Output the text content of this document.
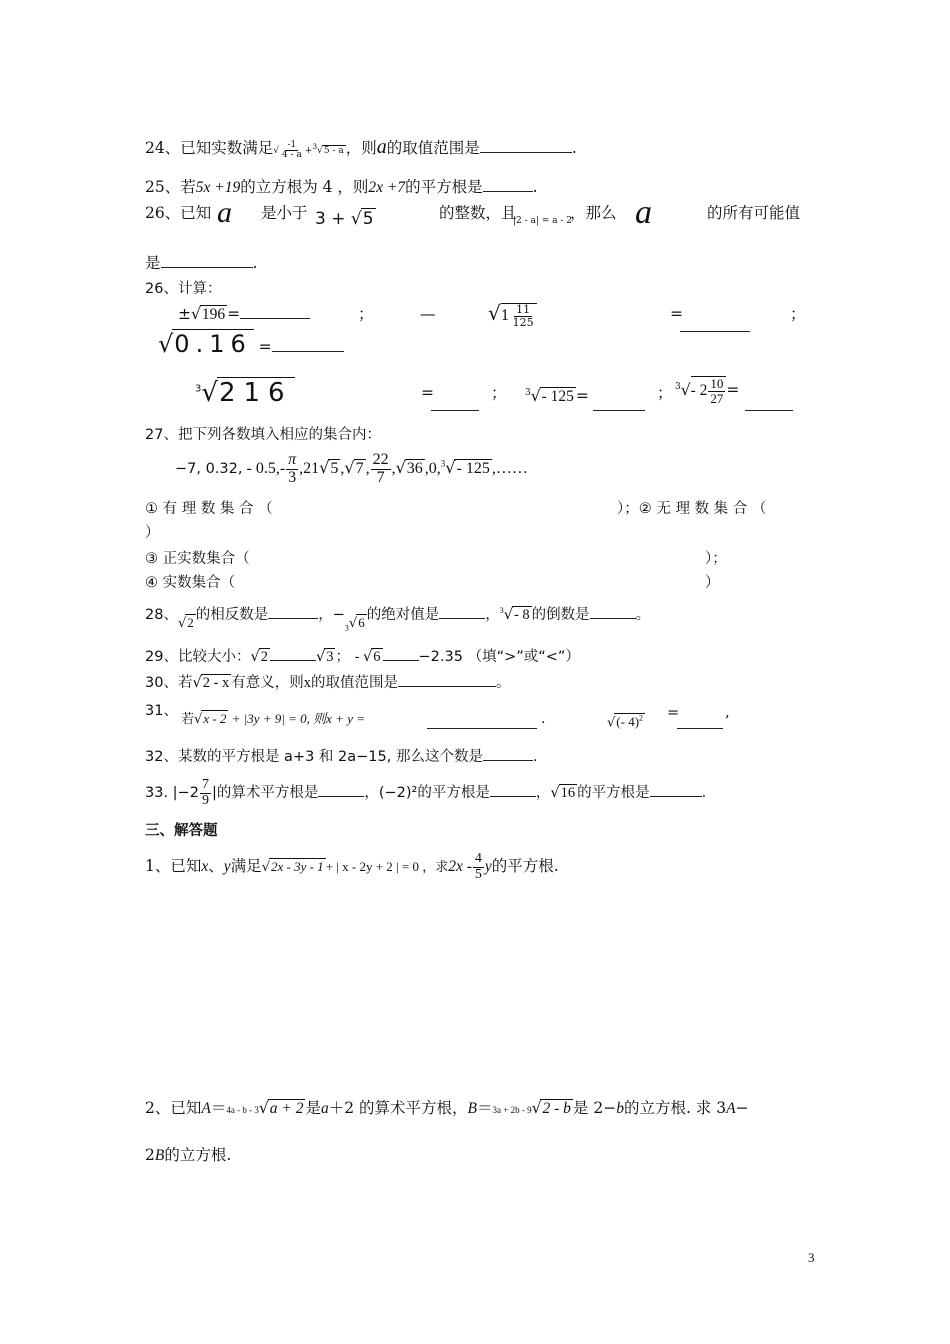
24、已知实数满足√ $\frac{-1}{4 - a} +^3√5 - a$ ，则a的取值范围是	.
25、若5x +19的立方根为 4 ，则2x +7的平方根是	.
26、已知 a 是小于 3 + √5	的整数，且
|2 - a| = a - 2
，那么 a	的所有可能值
是	.
26、计算：
±√196 =	；	—	√ $1 \frac{11}{125}$	=	；
√0.16 =
$^3$√216	=	； $^3$√- 125 =	； $^3√ - 2 \frac{10}{27}$ =
27、把下列各数填入相应的集合内：
−7, 0.32, - $0.5,- \frac{\pi}{3} ,21√5$ ,√7 , $\frac{22}{7} ,√36$ ,0,$^3$√- 125 ,……
① 有 理 数 集 合 （	）；② 无 理 数 集 合 （
）
③ 正实数集合（	）；
④ 实数集合（	）
28、√2 的相反数是	，$-_3√6$ 的绝对值是	，$^3$√- 8 的倒数是	。
29、比较大小：√2	√3 ； - √6	−2.35 （填“>”或“<”）
30、若√2 - x 有意义，则x的取值范围是	。
31、 若√x - 2 + |3y + 9| = 0, 则x + y =	.	√(- 4)$^2$ =	,
32、某数的平方根是 a+3 和 2a−15, 那么这个数是	.
33. $|-2 \frac{7}{9}$ |的算术平方根是	，(−2)²的平方根是	，√16 的平方根是	.
三、解答题
1、已知x、y满足√2x - 3y - 1 + | x - 2y + 2 | = 0 ，求$2x - \frac{4}{5}$ y的平方根.
2、已知A＝4a - b - 3√a + 2 是a＋2 的算术平方根，B＝3a + 2b - 9√2 - b 是 2−b的立方根. 求 3A−
2B的立方根.
3
